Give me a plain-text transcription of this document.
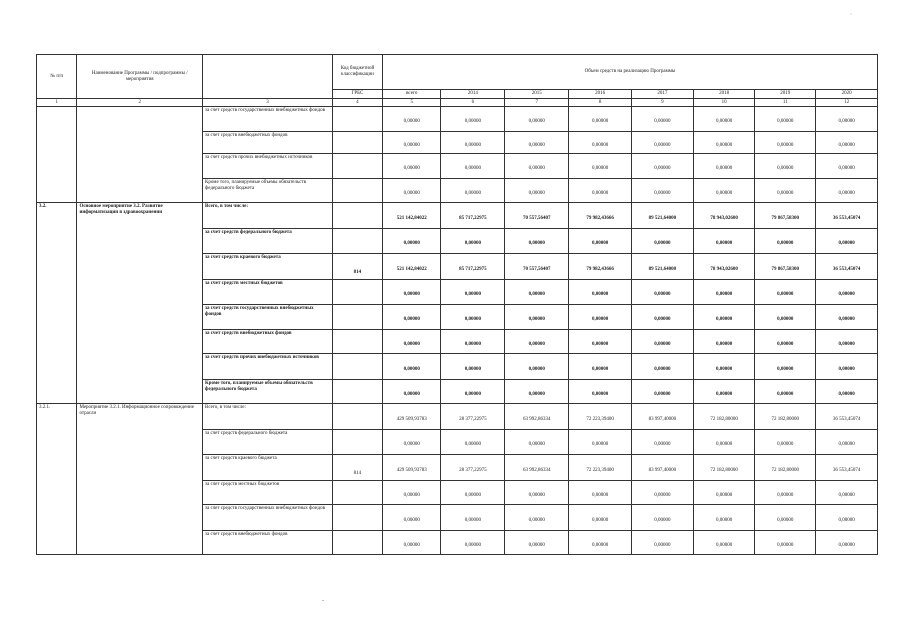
№ п/п	Наименование Программы / подпрограммы / мероприятия		Код бюджетной классификации	Объем средств на реализацию Программы							
			ГРБС	всего	2014	2015	2016	2017	2018	2019	2020
1	2	3	4	5	6	7	8	9	10	11	12
		за счет средств государственных внебюджетных фондов		0,00000	0,00000	0,00000	0,00000	0,00000	0,00000	0,00000	0,00000
		за счет средств внебюджетных фондов		0,00000	0,00000	0,00000	0,00000	0,00000	0,00000	0,00000	0,00000
		за счет средств прочих внебюджетных источников		0,00000	0,00000	0,00000	0,00000	0,00000	0,00000	0,00000	0,00000
		Кроме того, планируемые объемы обязательств федерального бюджета		0,00000	0,00000	0,00000	0,00000	0,00000	0,00000	0,00000	0,00000
3.2.	Основное мероприятие 3.2. Развитие информатизации в здравоохранении	Всего, в том числе:		521 142,84022	85 717,22975	70 557,56407	79 982,43666	89 521,64000	78 943,02600	79 867,58300	36 553,45074
		за счет средств федерального бюджета		0,00000	0,00000	0,00000	0,00000	0,00000	0,00000	0,00000	0,00000
		за счет средств краевого бюджета	814	521 142,84022	85 717,22975	70 557,56407	79 982,43666	89 521,64000	78 943,02600	79 867,58300	36 553,45074
		за счет средств местных бюджетов		0,00000	0,00000	0,00000	0,00000	0,00000	0,00000	0,00000	0,00000
		за счет средств государственных внебюджетных фондов		0,00000	0,00000	0,00000	0,00000	0,00000	0,00000	0,00000	0,00000
		за счет средств внебюджетных фондов		0,00000	0,00000	0,00000	0,00000	0,00000	0,00000	0,00000	0,00000
		за счет средств прочих внебюджетных источников		0,00000	0,00000	0,00000	0,00000	0,00000	0,00000	0,00000	0,00000
		Кроме того, планируемые объемы обязательств федерального бюджета		0,00000	0,00000	0,00000	0,00000	0,00000	0,00000	0,00000	0,00000
3.2.1.	Мероприятие 3.2.1. Информационное сопровождение отрасли	Всего, в том числе:		429 509,93783	28 377,22975	63 992,86334	72 223,39400	83 997,40000	72 182,80000	72 182,80000	36 553,45074
		за счет средств федерального бюджета		0,00000	0,00000	0,00000	0,00000	0,00000	0,00000	0,00000	0,00000
		за счет средств краевого бюджета	814	429 509,93783	28 377,22975	63 992,86334	72 223,39400	83 997,40000	72 182,80000	72 182,80000	36 553,45074
		за счет средств местных бюджетов		0,00000	0,00000	0,00000	0,00000	0,00000	0,00000	0,00000	0,00000
		за счет средств государственных внебюджетных фондов		0,00000	0,00000	0,00000	0,00000	0,00000	0,00000	0,00000	0,00000
		за счет средств внебюджетных фондов		0,00000	0,00000	0,00000	0,00000	0,00000	0,00000	0,00000	0,00000
·
-
